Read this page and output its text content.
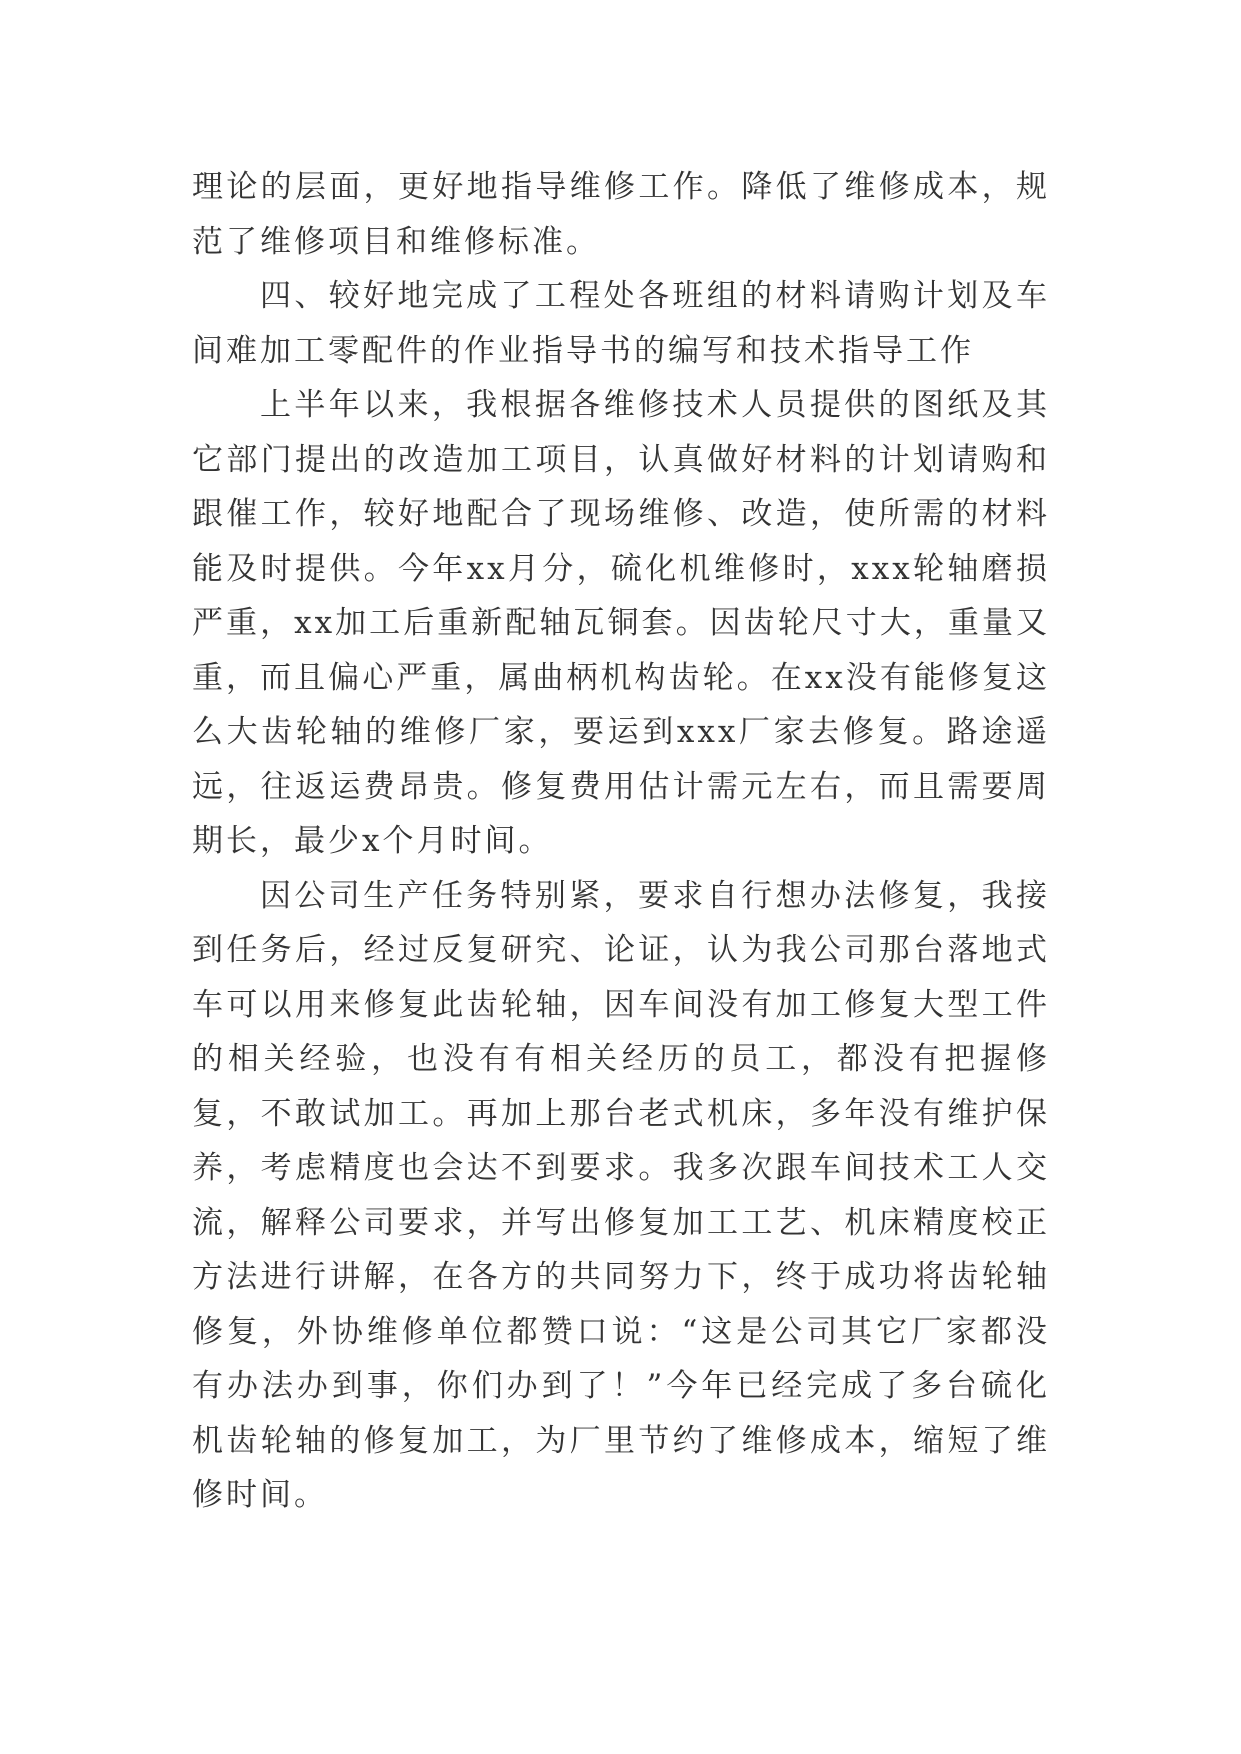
理论的层面，更好地指导维修工作。降低了维修成本，规范了维修项目和维修标准。

四、较好地完成了工程处各班组的材料请购计划及车间难加工零配件的作业指导书的编写和技术指导工作

上半年以来，我根据各维修技术人员提供的图纸及其它部门提出的改造加工项目，认真做好材料的计划请购和跟催工作，较好地配合了现场维修、改造，使所需的材料能及时提供。今年xx月分，硫化机维修时，xxx轮轴磨损严重，xx加工后重新配轴瓦铜套。因齿轮尺寸大，重量又重，而且偏心严重，属曲柄机构齿轮。在xx没有能修复这么大齿轮轴的维修厂家，要运到xxx厂家去修复。路途遥远，往返运费昂贵。修复费用估计需元左右，而且需要周期长，最少x个月时间。

因公司生产任务特别紧，要求自行想办法修复，我接到任务后，经过反复研究、论证，认为我公司那台落地式车可以用来修复此齿轮轴，因车间没有加工修复大型工件的相关经验，也没有有相关经历的员工，都没有把握修复，不敢试加工。再加上那台老式机床，多年没有维护保养，考虑精度也会达不到要求。我多次跟车间技术工人交流，解释公司要求，并写出修复加工工艺、机床精度校正方法进行讲解，在各方的共同努力下，终于成功将齿轮轴修复，外协维修单位都赞口说：“这是公司其它厂家都没有办法办到事，你们办到了！”今年已经完成了多台硫化机齿轮轴的修复加工，为厂里节约了维修成本，缩短了维修时间。
